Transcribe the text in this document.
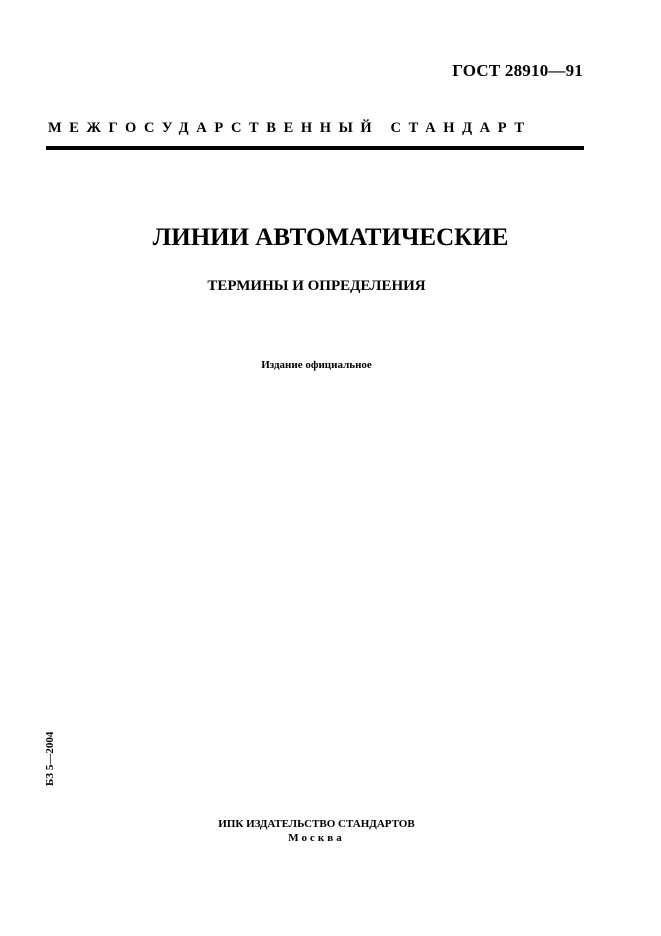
ГОСТ 28910—91
МЕЖГОСУДАРСТВЕННЫЙ СТАНДАРТ
ЛИНИИ АВТОМАТИЧЕСКИЕ
ТЕРМИНЫ И ОПРЕДЕЛЕНИЯ
Издание официальное
БЗ 5—2004
ИПК ИЗДАТЕЛЬСТВО СТАНДАРТОВ
Москва
